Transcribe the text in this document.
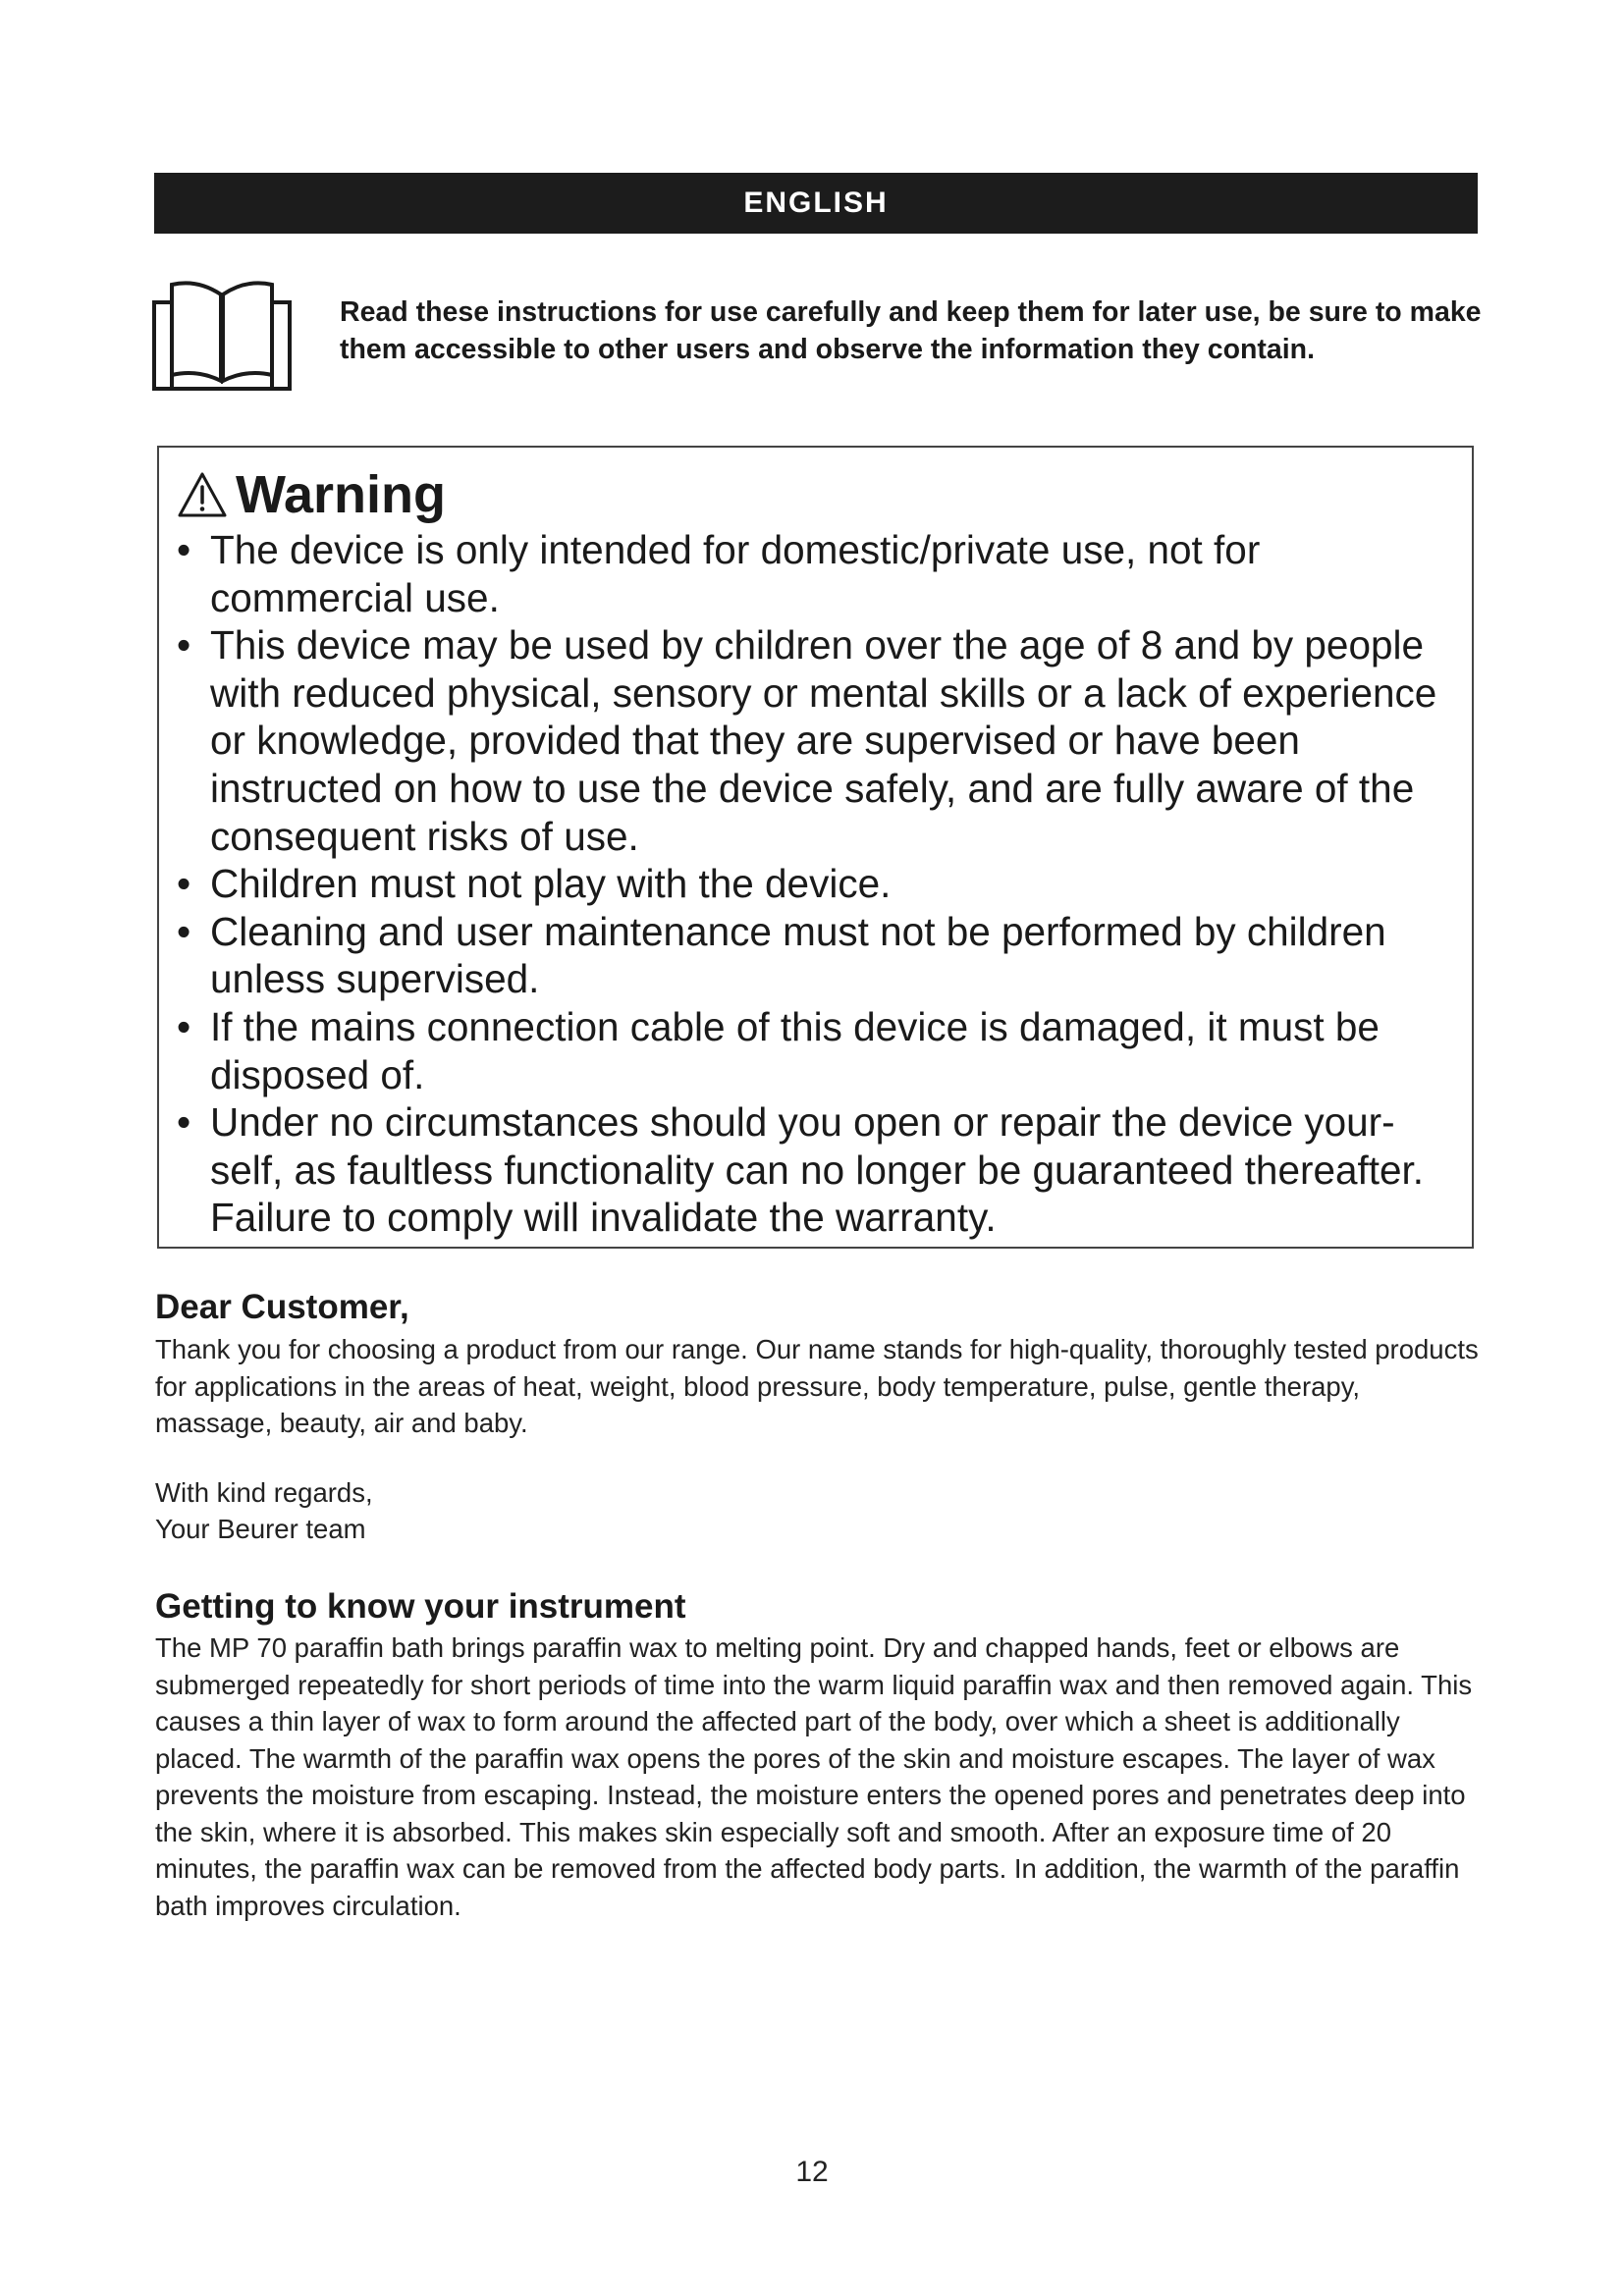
ENGLISH
Read these instructions for use carefully and keep them for later use, be sure to make them accessible to other users and observe the information they contain.
Warning
• The device is only intended for domestic/private use, not for commercial use.
• This device may be used by children over the age of 8 and by people with reduced physical, sensory or mental skills or a lack of experience or knowledge, provided that they are supervised or have been instructed on how to use the device safely, and are fully aware of the consequent risks of use.
• Children must not play with the device.
• Cleaning and user maintenance must not be performed by children unless supervised.
• If the mains connection cable of this device is damaged, it must be disposed of.
• Under no circumstances should you open or repair the device your-self, as faultless functionality can no longer be guaranteed thereafter. Failure to comply will invalidate the warranty.
Dear Customer,

Thank you for choosing a product from our range. Our name stands for high-quality, thoroughly tested products for applications in the areas of heat, weight, blood pressure, body temperature, pulse, gentle therapy, massage, beauty, air and baby.

With kind regards,

Your Beurer team

Getting to know your instrument

The MP 70 paraffin bath brings paraffin wax to melting point. Dry and chapped hands, feet or elbows are submerged repeatedly for short periods of time into the warm liquid paraffin wax and then removed again. This causes a thin layer of wax to form around the affected part of the body, over which a sheet is additionally placed. The warmth of the paraffin wax opens the pores of the skin and moisture escapes. The layer of wax prevents the moisture from escaping. Instead, the moisture enters the opened pores and penetrates deep into the skin, where it is absorbed. This makes skin especially soft and smooth. After an exposure time of 20 minutes, the paraffin wax can be removed from the affected body parts. In addition, the warmth of the paraffin bath improves circulation.

12
